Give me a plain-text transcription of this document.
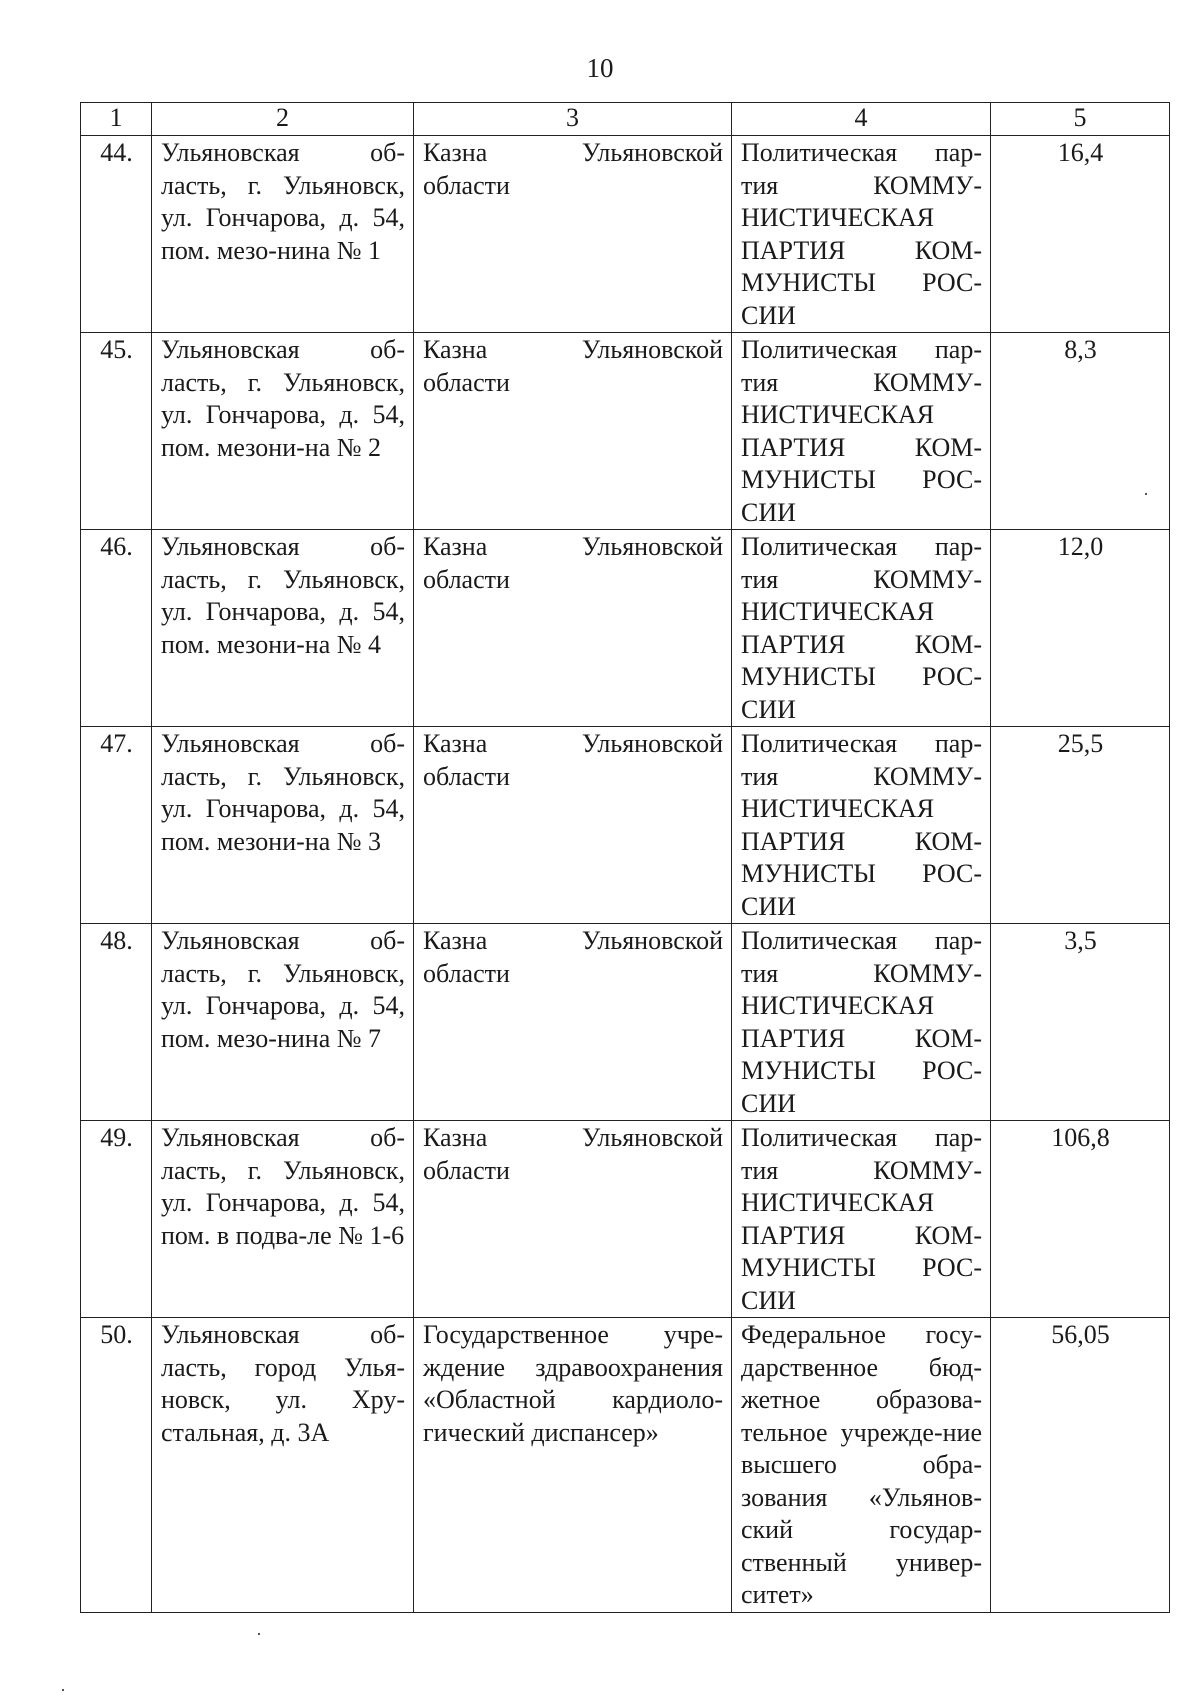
10
1	2	3	4	5
44.	Ульяновская об-ласть, г. Ульяновск, ул. Гончарова, д. 54, пом. мезо-нина № 1	Казна Ульяновской области	Политическая пар-тия КОММУ-НИСТИЧЕСКАЯ ПАРТИЯ КОМ-МУНИСТЫ РОС-СИИ	16,4
45.	Ульяновская об-ласть, г. Ульяновск, ул. Гончарова, д. 54, пом. мезони-на № 2	Казна Ульяновской области	Политическая пар-тия КОММУ-НИСТИЧЕСКАЯ ПАРТИЯ КОМ-МУНИСТЫ РОС-СИИ	8,3
46.	Ульяновская об-ласть, г. Ульяновск, ул. Гончарова, д. 54, пом. мезони-на № 4	Казна Ульяновской области	Политическая пар-тия КОММУ-НИСТИЧЕСКАЯ ПАРТИЯ КОМ-МУНИСТЫ РОС-СИИ	12,0
47.	Ульяновская об-ласть, г. Ульяновск, ул. Гончарова, д. 54, пом. мезони-на № 3	Казна Ульяновской области	Политическая пар-тия КОММУ-НИСТИЧЕСКАЯ ПАРТИЯ КОМ-МУНИСТЫ РОС-СИИ	25,5
48.	Ульяновская об-ласть, г. Ульяновск, ул. Гончарова, д. 54, пом. мезо-нина № 7	Казна Ульяновской области	Политическая пар-тия КОММУ-НИСТИЧЕСКАЯ ПАРТИЯ КОМ-МУНИСТЫ РОС-СИИ	3,5
49.	Ульяновская об-ласть, г. Ульяновск, ул. Гончарова, д. 54, пом. в подва-ле № 1-6	Казна Ульяновской области	Политическая пар-тия КОММУ-НИСТИЧЕСКАЯ ПАРТИЯ КОМ-МУНИСТЫ РОС-СИИ	106,8
50.	Ульяновская об-ласть, город Улья-новск, ул. Хру-стальная, д. 3А	Государственное учре-ждение здравоохранения «Областной кардиоло-гический диспансер»	Федеральное госу-дарственное бюд-жетное образова-тельное учрежде-ние высшего обра-зования «Ульянов-ский государ-ственный универ-ситет»	56,05
·
·
·
